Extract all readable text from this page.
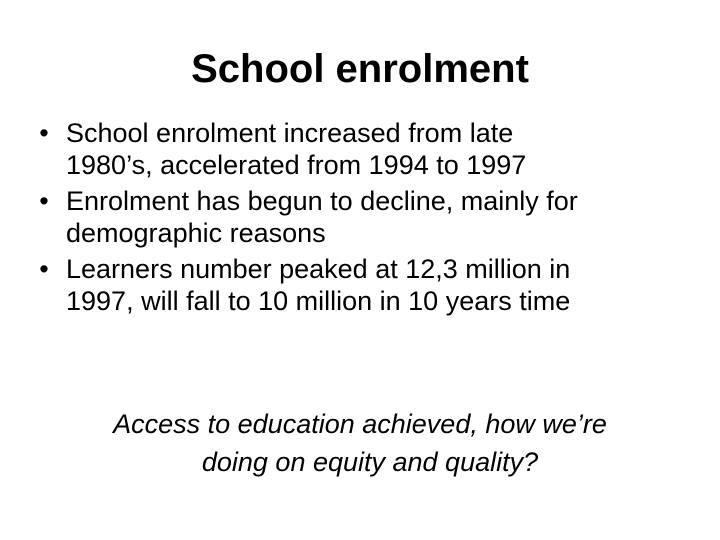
School enrolment
• School enrolment increased from late
1980’s, accelerated from 1994 to 1997
• Enrolment has begun to decline, mainly for
demographic reasons
• Learners number peaked at 12,3 million in
1997, will fall to 10 million in 10 years time

Access to education achieved, how we’re
doing on equity and quality?
